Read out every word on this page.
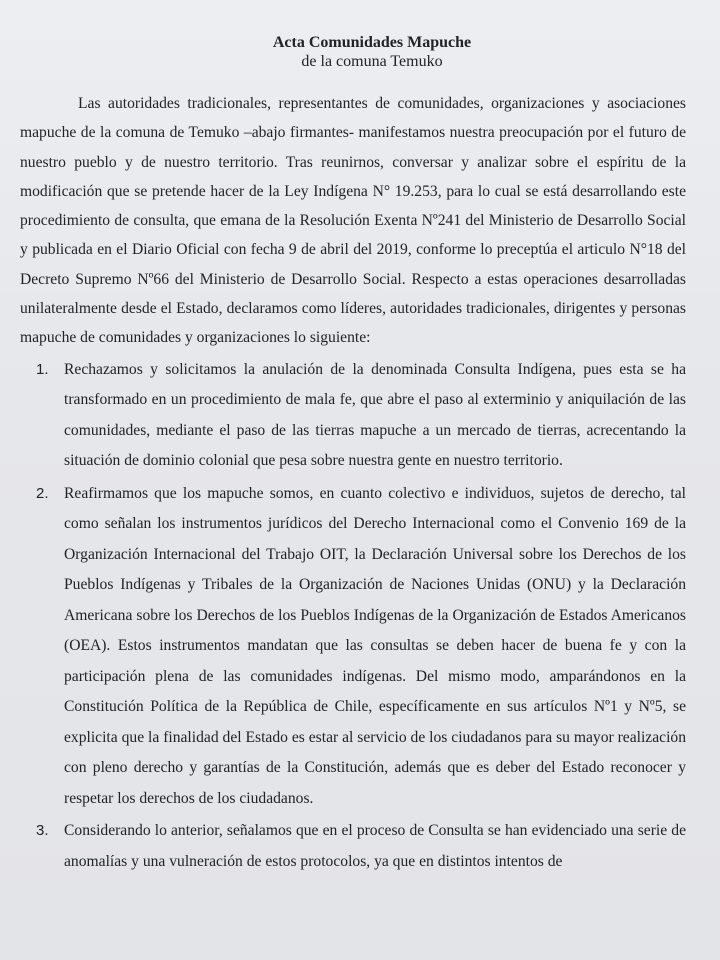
Acta Comunidades Mapuche
de la comuna Temuko

Las autoridades tradicionales, representantes de comunidades, organizaciones y asociaciones mapuche de la comuna de Temuko –abajo firmantes- manifestamos nuestra preocupación por el futuro de nuestro pueblo y de nuestro territorio. Tras reunirnos, conversar y analizar sobre el espíritu de la modificación que se pretende hacer de la Ley Indígena N° 19.253, para lo cual se está desarrollando este procedimiento de consulta, que emana de la Resolución Exenta Nº241 del Ministerio de Desarrollo Social y publicada en el Diario Oficial con fecha 9 de abril del 2019, conforme lo preceptúa el articulo N°18 del Decreto Supremo Nº66 del Ministerio de Desarrollo Social. Respecto a estas operaciones desarrolladas unilateralmente desde el Estado, declaramos como líderes, autoridades tradicionales, dirigentes y personas mapuche de comunidades y organizaciones lo siguiente:

1. Rechazamos y solicitamos la anulación de la denominada Consulta Indígena, pues esta se ha transformado en un procedimiento de mala fe, que abre el paso al exterminio y aniquilación de las comunidades, mediante el paso de las tierras mapuche a un mercado de tierras, acrecentando la situación de dominio colonial que pesa sobre nuestra gente en nuestro territorio.
2. Reafirmamos que los mapuche somos, en cuanto colectivo e individuos, sujetos de derecho, tal como señalan los instrumentos jurídicos del Derecho Internacional como el Convenio 169 de la Organización Internacional del Trabajo OIT, la Declaración Universal sobre los Derechos de los Pueblos Indígenas y Tribales de la Organización de Naciones Unidas (ONU) y la Declaración Americana sobre los Derechos de los Pueblos Indígenas de la Organización de Estados Americanos (OEA). Estos instrumentos mandatan que las consultas se deben hacer de buena fe y con la participación plena de las comunidades indígenas. Del mismo modo, amparándonos en la Constitución Política de la República de Chile, específicamente en sus artículos Nº1 y Nº5, se explicita que la finalidad del Estado es estar al servicio de los ciudadanos para su mayor realización con pleno derecho y garantías de la Constitución, además que es deber del Estado reconocer y respetar los derechos de los ciudadanos.
3. Considerando lo anterior, señalamos que en el proceso de Consulta se han evidenciado una serie de anomalías y una vulneración de estos protocolos, ya que en distintos intentos de
